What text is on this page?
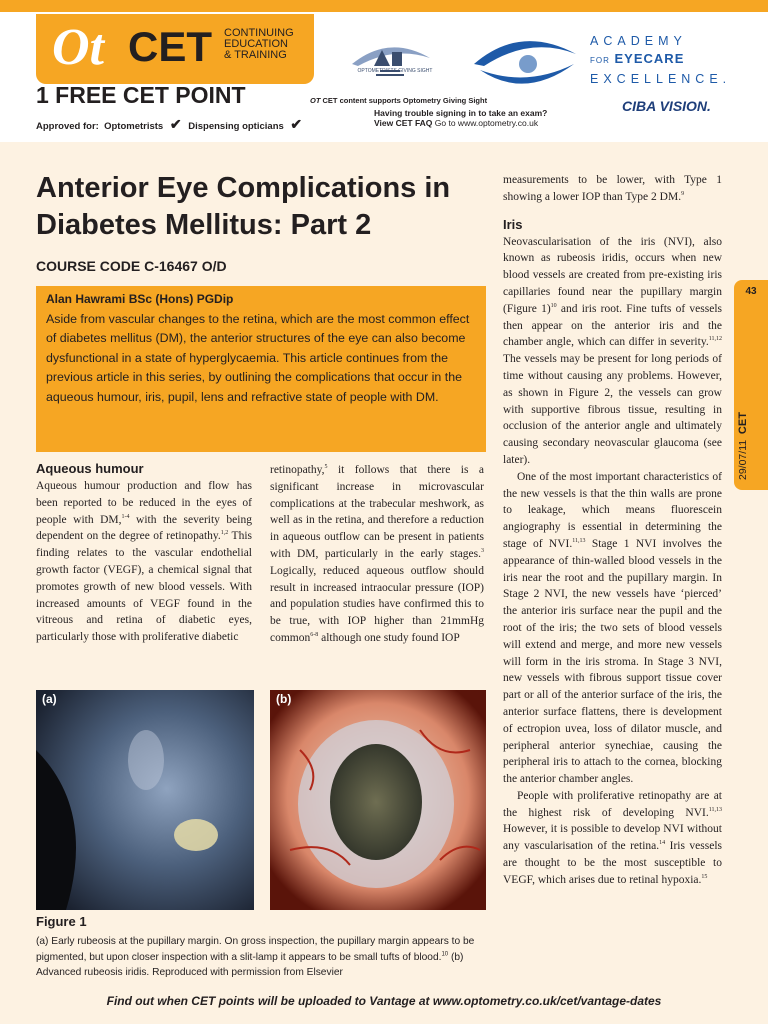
Ot CET CONTINUING
EDUCATION
& TRAINING
1 FREE CET POINT
Approved for: Optometrists ✔ Dispensing opticians ✔
OPTOMETRISTS GIVING SIGHT
OT CET content supports Optometry Giving Sight
Having trouble signing in to take an exam?
View CET FAQ Go to www.optometry.co.uk
ACADEMY
FOR EYECARE
EXCELLENCE.
CIBA VISION.
Anterior Eye Complications in Diabetes Mellitus: Part 2
COURSE CODE C-16467 O/D
Alan Hawrami BSc (Hons) PGDip
Aside from vascular changes to the retina, which are the most common effect of diabetes mellitus (DM), the anterior structures of the eye can also become dysfunctional in a state of hyperglycaemia. This article continues from the previous article in this series, by outlining the complications that occur in the aqueous humour, iris, pupil, lens and refractive state of people with DM.
Aqueous humour

Aqueous humour production and flow has been reported to be reduced in the eyes of people with DM,$^{1-4}$ with the severity being dependent on the degree of retinopathy.$^{1,2}$ This finding relates to the vascular endothelial growth factor (VEGF), a chemical signal that promotes growth of new blood vessels. With increased amounts of VEGF found in the vitreous and retina of diabetic eyes, particularly those with proliferative diabetic

retinopathy,$^5$ it follows that there is a significant increase in microvascular complications at the trabecular meshwork, as well as in the retina, and therefore a reduction in aqueous outflow can be present in patients with DM, particularly in the early stages.$^3$ Logically, reduced aqueous outflow should result in increased intraocular pressure (IOP) and population studies have confirmed this to be true, with IOP higher than 21mmHg common$^{6-8}$ although one study found IOP

measurements to be lower, with Type 1 showing a lower IOP than Type 2 DM.$^9$

Iris

Neovascularisation of the iris (NVI), also known as rubeosis iridis, occurs when new blood vessels are created from pre-existing iris capillaries found near the pupillary margin (Figure 1)$^{10}$ and iris root. Fine tufts of vessels then appear on the anterior iris and the chamber angle, which can differ in severity.$^{11,12}$ The vessels may be present for long periods of time without causing any problems. However, as shown in Figure 2, the vessels can grow with supportive fibrous tissue, resulting in occlusion of the anterior angle and ultimately causing secondary neovascular glaucoma (see later).

One of the most important characteristics of the new vessels is that the thin walls are prone to leakage, which means fluorescein angiography is essential in determining the stage of NVI.$^{11,13}$ Stage 1 NVI involves the appearance of thin-walled blood vessels in the iris near the root and the pupillary margin. In Stage 2 NVI, the new vessels have ‘pierced’ the anterior iris surface near the pupil and the root of the iris; the two sets of blood vessels will extend and merge, and more new vessels will form in the iris stroma. In Stage 3 NVI, new vessels with fibrous support tissue cover part or all of the anterior surface of the iris, the anterior surface flattens, there is development of ectropion uvea, loss of dilator muscle, and peripheral anterior synechiae, causing the peripheral iris to attach to the cornea, blocking the anterior chamber angles.

People with proliferative retinopathy are at the highest risk of developing NVI.$^{11,13}$ However, it is possible to develop NVI without any vascularisation of the retina.$^{14}$ Iris vessels are thought to be the most susceptible to VEGF, which arises due to retinal hypoxia.$^{15}$

(a)	(b)
Figure 1
(a) Early rubeosis at the pupillary margin. On gross inspection, the pupillary margin appears to be pigmented, but upon closer inspection with a slit-lamp it appears to be small tufts of blood.$^{10}$ (b) Advanced rubeosis iridis. Reproduced with permission from Elsevier
43
29/07/11  CET
Find out when CET points will be uploaded to Vantage at www.optometry.co.uk/cet/vantage-dates
